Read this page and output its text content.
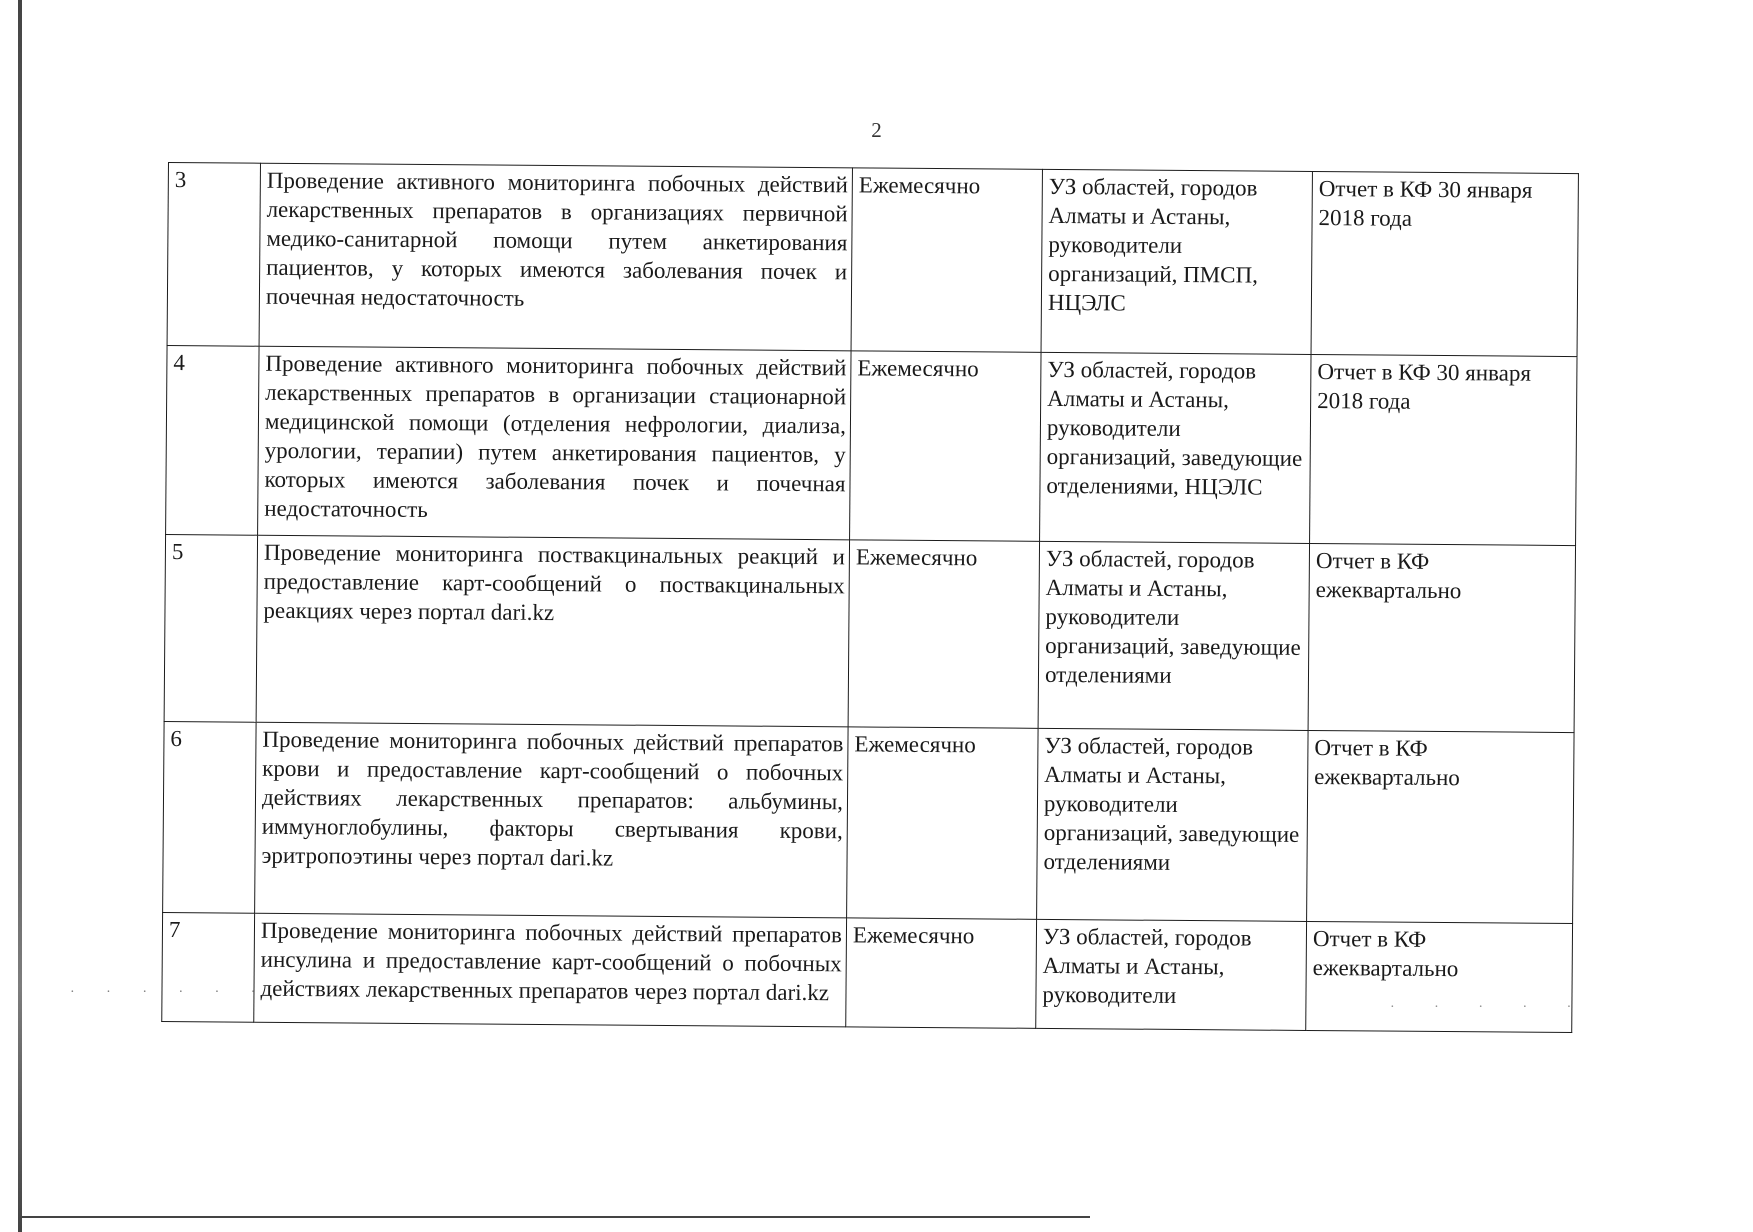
2
3	Проведение активного мониторинга побочных действий лекарственных препаратов в организациях первичной медико-санитарной помощи путем анкетирования пациентов, у которых имеются заболевания почек и почечная недостаточность	Ежемесячно	УЗ областей, городов Алматы и Астаны, руководители организаций, ПМСП, НЦЭЛС	Отчет в КФ 30 января 2018 года
4	Проведение активного мониторинга побочных действий лекарственных препаратов в организации стационарной медицинской помощи (отделения нефрологии, диализа, урологии, терапии) путем анкетирования пациентов, у которых имеются заболевания почек и почечная недостаточность	Ежемесячно	УЗ областей, городов Алматы и Астаны, руководители организаций, заведующие отделениями, НЦЭЛС	Отчет в КФ 30 января 2018 года
5	Проведение мониторинга поствакцинальных реакций и предоставление карт-сообщений о поствакцинальных реакциях через портал dari.kz	Ежемесячно	УЗ областей, городов Алматы и Астаны, руководители организаций, заведующие отделениями	Отчет в КФ ежеквартально
6	Проведение мониторинга побочных действий препаратов крови и предоставление карт-сообщений о побочных действиях лекарственных препаратов: альбумины, иммуноглобулины, факторы свертывания крови, эритропоэтины через портал dari.kz	Ежемесячно	УЗ областей, городов Алматы и Астаны, руководители организаций, заведующие отделениями	Отчет в КФ ежеквартально
7	Проведение мониторинга побочных действий препаратов инсулина и предоставление карт-сообщений о побочных действиях лекарственных препаратов через портал dari.kz	Ежемесячно	УЗ областей, городов Алматы и Астаны, руководители	Отчет в КФ ежеквартально
· · · · · · ·
· · · · ·
